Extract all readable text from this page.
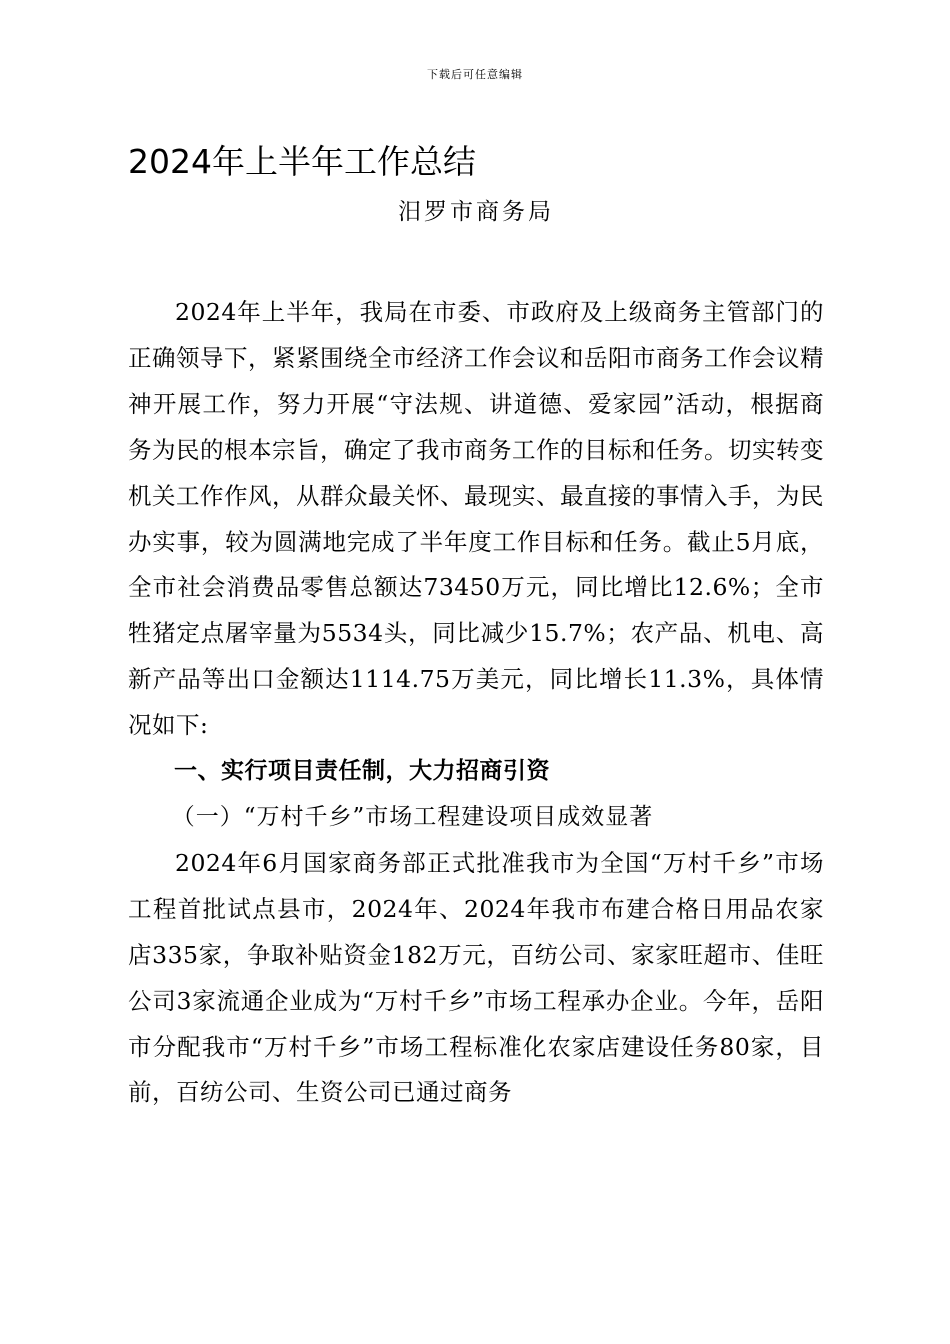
下载后可任意编辑
2024年上半年工作总结
汨罗市商务局

2024年上半年，我局在市委、市政府及上级商务主管部门的正确领导下，紧紧围绕全市经济工作会议和岳阳市商务工作会议精神开展工作，努力开展“守法规、讲道德、爱家园”活动，根据商务为民的根本宗旨，确定了我市商务工作的目标和任务。切实转变机关工作作风，从群众最关怀、最现实、最直接的事情入手，为民办实事，较为圆满地完成了半年度工作目标和任务。截止5月底，全市社会消费品零售总额达73450万元，同比增比12.6%；全市牲猪定点屠宰量为5534头，同比减少15.7%；农产品、机电、高新产品等出口金额达1114.75万美元，同比增长11.3%，具体情况如下:

一、实行项目责任制，大力招商引资

（一）“万村千乡”市场工程建设项目成效显著

2024年6月国家商务部正式批准我市为全国“万村千乡”市场工程首批试点县市，2024年、2024年我市布建合格日用品农家店335家，争取补贴资金182万元，百纺公司、家家旺超市、佳旺公司3家流通企业成为“万村千乡”市场工程承办企业。今年，岳阳市分配我市“万村千乡”市场工程标准化农家店建设任务80家，目前，百纺公司、生资公司已通过商务
